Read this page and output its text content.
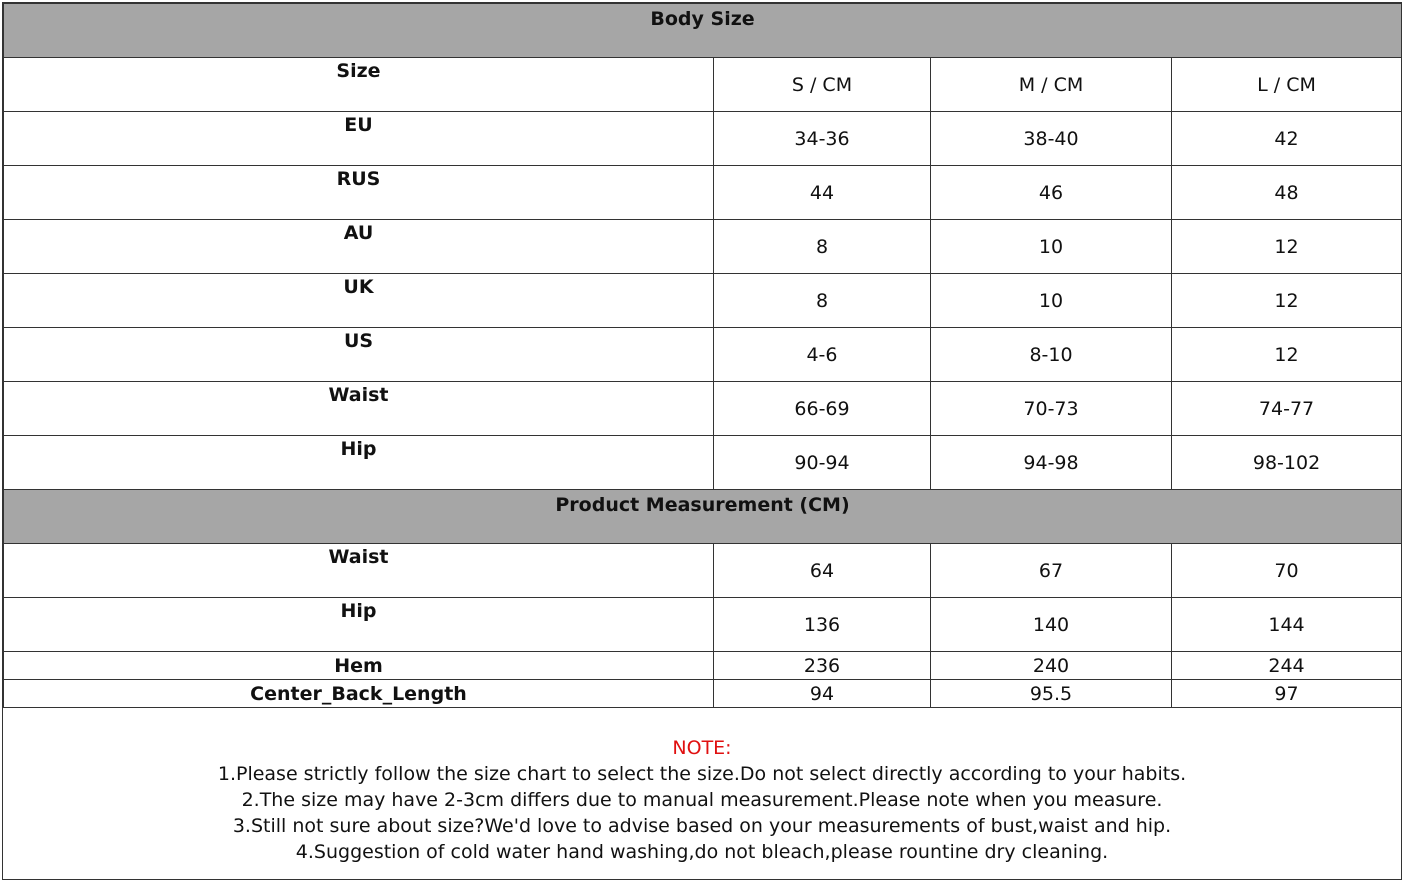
Body Size			
Size	S / CM	M / CM	L / CM
EU	34-36	38-40	42
RUS	44	46	48
AU	8	10	12
UK	8	10	12
US	4-6	8-10	12
Waist	66-69	70-73	74-77
Hip	90-94	94-98	98-102
Product Measurement (CM)			
Waist	64	67	70
Hip	136	140	144
Hem	236	240	244
Center_Back_Length	94	95.5	97
NOTE:
1.Please strictly follow the size chart to select the size.Do not select directly according to your habits.
2.The size may have 2-3cm differs due to manual measurement.Please note when you measure.
3.Still not sure about size?We'd love to advise based on your measurements of bust,waist and hip.
4.Suggestion of cold water hand washing,do not bleach,please rountine dry cleaning.
